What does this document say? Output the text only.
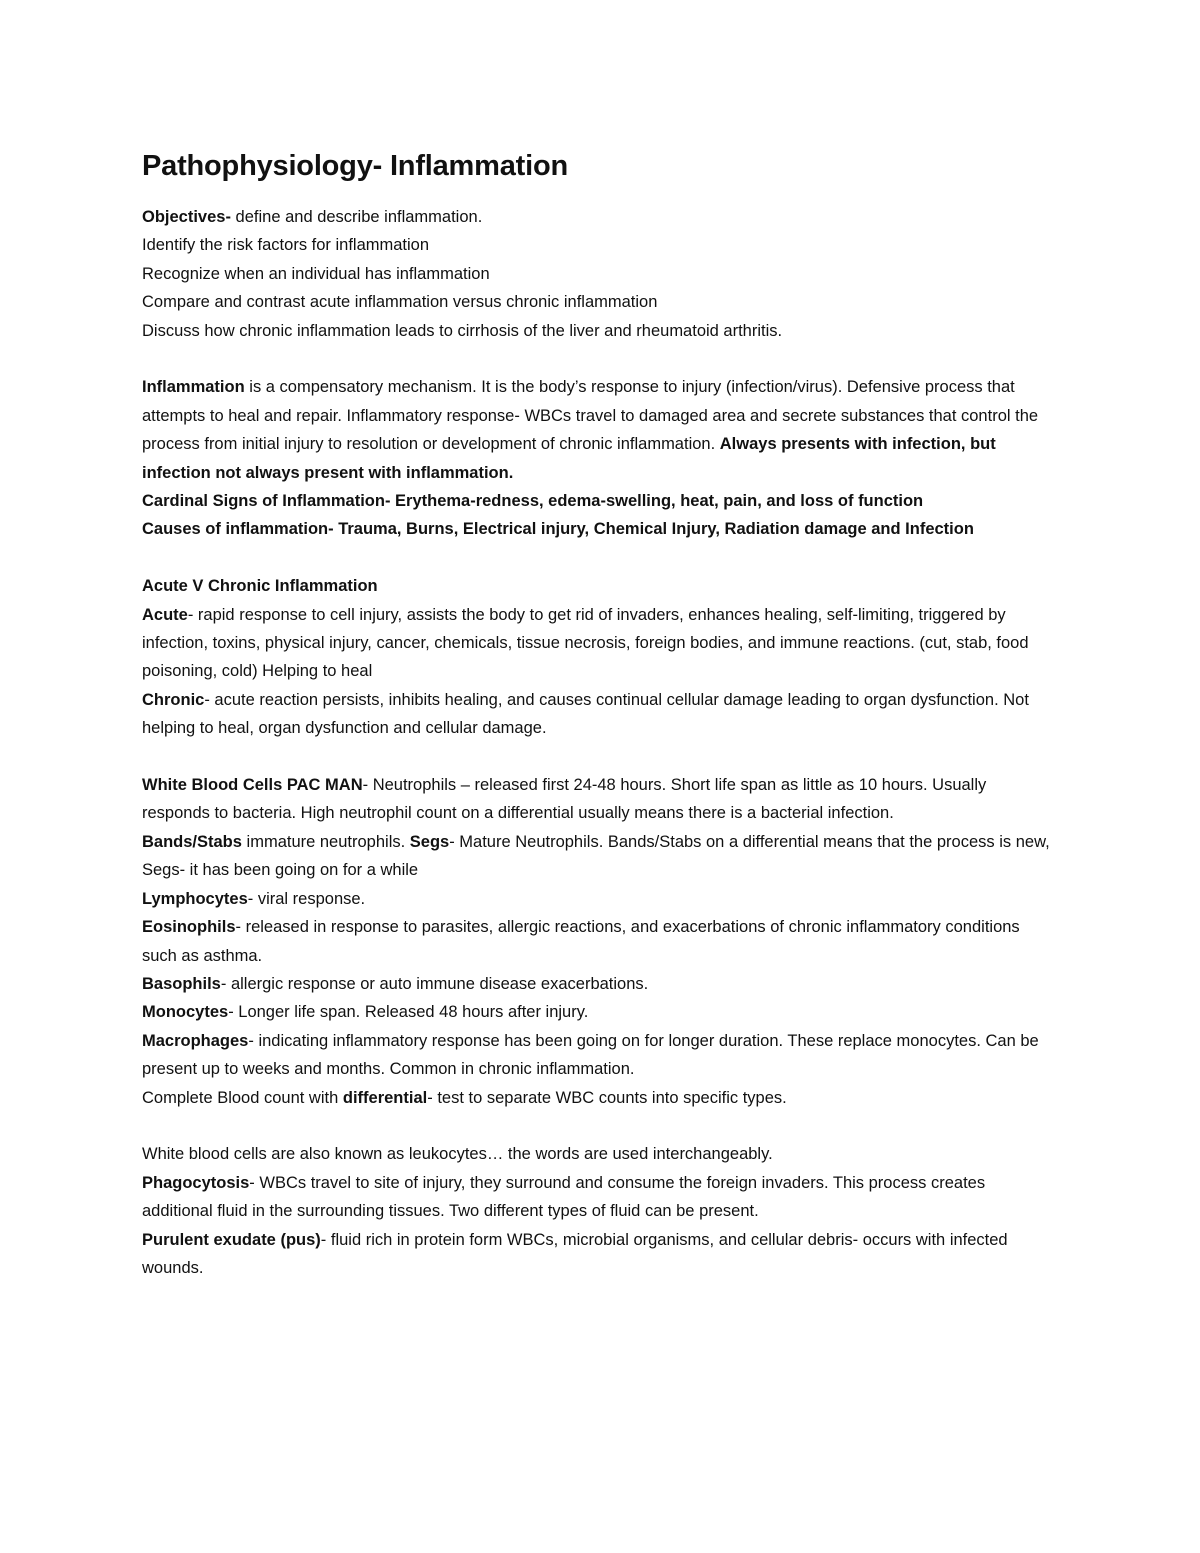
Pathophysiology- Inflammation

Objectives- define and describe inflammation.

Identify the risk factors for inflammation

Recognize when an individual has inflammation

Compare and contrast acute inflammation versus chronic inflammation

Discuss how chronic inflammation leads to cirrhosis of the liver and rheumatoid arthritis.

Inflammation is a compensatory mechanism. It is the body’s response to injury (infection/virus). Defensive process that attempts to heal and repair. Inflammatory response- WBCs travel to damaged area and secrete substances that control the process from initial injury to resolution or development of chronic inflammation. Always presents with infection, but infection not always present with inflammation.

Cardinal Signs of Inflammation- Erythema-redness, edema-swelling, heat, pain, and loss of function

Causes of inflammation- Trauma, Burns, Electrical injury, Chemical Injury, Radiation damage and Infection

Acute V Chronic Inflammation

Acute- rapid response to cell injury, assists the body to get rid of invaders, enhances healing, self-limiting, triggered by infection, toxins, physical injury, cancer, chemicals, tissue necrosis, foreign bodies, and immune reactions. (cut, stab, food poisoning, cold) Helping to heal

Chronic- acute reaction persists, inhibits healing, and causes continual cellular damage leading to organ dysfunction. Not helping to heal, organ dysfunction and cellular damage.

White Blood Cells PAC MAN- Neutrophils – released first 24-48 hours. Short life span as little as 10 hours. Usually responds to bacteria. High neutrophil count on a differential usually means there is a bacterial infection.

Bands/Stabs immature neutrophils. Segs- Mature Neutrophils. Bands/Stabs on a differential means that the process is new, Segs- it has been going on for a while

Lymphocytes- viral response.

Eosinophils- released in response to parasites, allergic reactions, and exacerbations of chronic inflammatory conditions such as asthma.

Basophils- allergic response or auto immune disease exacerbations.

Monocytes- Longer life span. Released 48 hours after injury.

Macrophages- indicating inflammatory response has been going on for longer duration. These replace monocytes. Can be present up to weeks and months. Common in chronic inflammation.

Complete Blood count with differential- test to separate WBC counts into specific types.

White blood cells are also known as leukocytes… the words are used interchangeably.

Phagocytosis- WBCs travel to site of injury, they surround and consume the foreign invaders. This process creates additional fluid in the surrounding tissues. Two different types of fluid can be present.

Purulent exudate (pus)- fluid rich in protein form WBCs, microbial organisms, and cellular debris- occurs with infected wounds.
